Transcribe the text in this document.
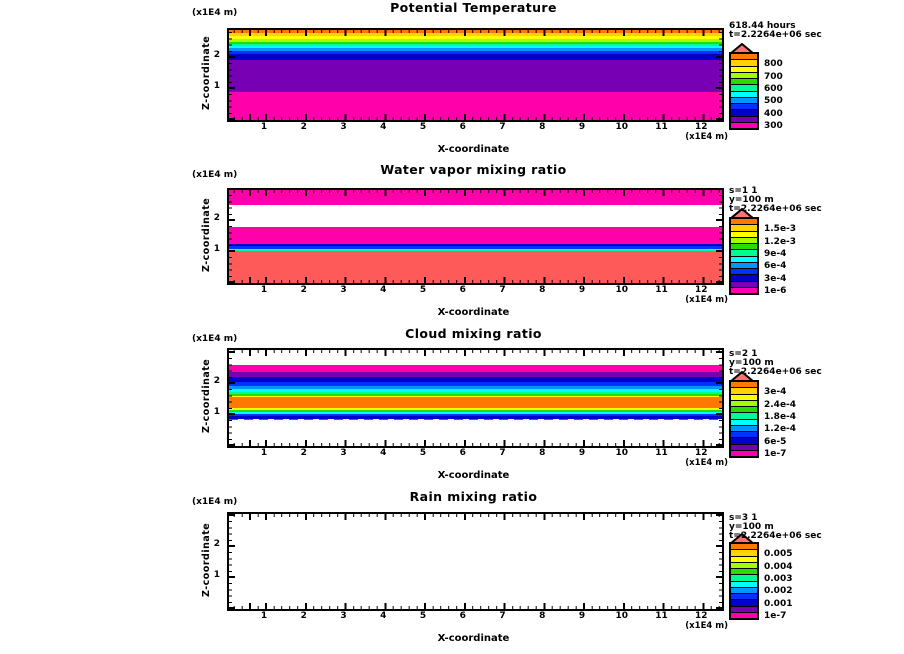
Potential Temperature
(x1E4 m)
Z-coordinate 2
1
1	2	3	4	5	6	7	8	9	10	11	12
(x1E4 m)
X-coordinate
618.44 hours
t=2.2264e+06 sec
800
700
600
500
400
300
Water vapor mixing ratio
(x1E4 m)
Z-coordinate 2
1
1	2	3	4	5	6	7	8	9	10	11	12
(x1E4 m)
X-coordinate
s=1 1
y=100 m
t=2.2264e+06 sec
1.5e-3
1.2e-3
9e-4
6e-4
3e-4
1e-6
Cloud mixing ratio
(x1E4 m)
Z-coordinate 2
1
1	2	3	4	5	6	7	8	9	10	11	12
(x1E4 m)
X-coordinate
s=2 1
y=100 m
t=2.2264e+06 sec
3e-4
2.4e-4
1.8e-4
1.2e-4
6e-5
1e-7
Rain mixing ratio
(x1E4 m)
Z-coordinate 2
1
1	2	3	4	5	6	7	8	9	10	11	12
(x1E4 m)
X-coordinate
s=3 1
y=100 m
t=2.2264e+06 sec
0.005
0.004
0.003
0.002
0.001
1e-7
